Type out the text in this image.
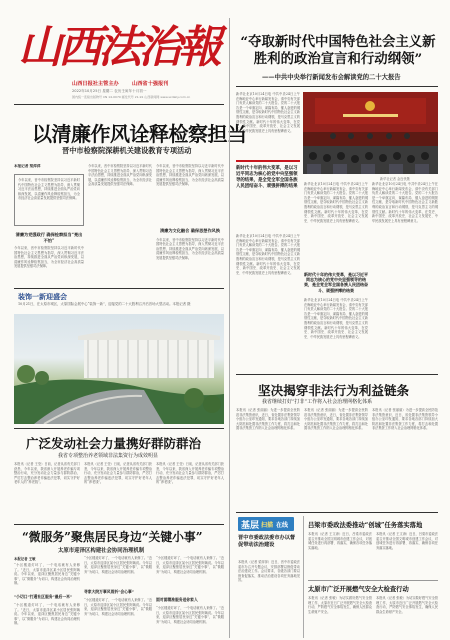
山西法治報
山西日报社主管主办	山西省十强报刊
2022年10月25日 星期二 农历壬寅年十月初一
国内统一连续出版物号 CN 14-0070 邮发代号 21-91 山西新闻网 www.sxdaily.com.cn
以清廉作风诠释检察担当
晋中市检察院深耕机关建设教育专项活动
本报记者 梁萍萍
今年以来，晋中市检察院坚持以习近平新时代中国特色社会主义思想为指导，深入贯彻习近平法治思想，持续推进全面从严治党向纵深发展，以清廉作风诠释检察担当，为全市经济社会高质量发展提供坚强司法保障。
清廉为党强政行 确保检察担当“亮出不怕”
今年以来，晋中市检察院坚持以习近平新时代中国特色社会主义思想为指导，深入贯彻习近平法治思想，持续推进全面从严治党向纵深发展，以清廉作风诠释检察担当，为全市经济社会高质量发展提供坚强司法保障。
今年以来，晋中市检察院坚持以习近平新时代中国特色社会主义思想为指导，深入贯彻习近平法治思想，持续推进全面从严治党向纵深发展，以清廉作风诠释检察担当，为全市经济社会高质量发展提供坚强司法保障。
今年以来，晋中市检察院坚持以习近平新时代中国特色社会主义思想为指导，深入贯彻习近平法治思想，持续推进全面从严治党向纵深发展，以清廉作风诠释检察担当，为全市经济社会高质量发展提供坚强司法保障。
清廉为文化融合 确保思想作风换
今年以来，晋中市检察院坚持以习近平新时代中国特色社会主义思想为指导，深入贯彻习近平法治思想，持续推进全面从严治党向纵深发展，以清廉作风诠释检察担当，为全市经济社会高质量发展提供坚强司法保障。
装饰一新迎盛会
10月21日，在太原市城区，太原国际会展中心“装饰一新”，迎接党的二十大胜利召开后首场大型活动。本报记者 摄
广泛发动社会力量携好群防群治
我省专项整治养老领域非法集资行为成效明显
本报讯（记者 王莹）日前，记者从省有关部门获悉，今年以来，我省深入开展养老诈骗专项整治行动，充分发动社会力量参与群防群治，严厉打击整治养老诈骗违法犯罪，切实守护好老年人的“养老钱”。
本报讯（记者 王莹）日前，记者从省有关部门获悉，今年以来，我省深入开展养老诈骗专项整治行动，充分发动社会力量参与群防群治，严厉打击整治养老诈骗违法犯罪，切实守护好老年人的“养老钱”。
本报讯（记者 王莹）日前，记者从省有关部门获悉，今年以来，我省深入开展养老诈骗专项整治行动，充分发动社会力量参与群防群治，严厉打击整治养老诈骗违法犯罪，切实守护好老年人的“养老钱”。
“微服务”聚焦居民身边“关键小事”
太原市迎泽区构建社会协同治理机制
本报记者 王敏
“小区楼道灯坏了，一个电话就有人来修了。”近日，太原市迎泽区某小区居民张阿姨说。今年以来，迎泽区聚焦居民身边“关键小事”，以“微服务”为切口，构建社会协同治理机制。
“小切口”打通社区服务“最后一米”
“小区楼道灯坏了，一个电话就有人来修了。”近日，太原市迎泽区某小区居民张阿姨说。今年以来，迎泽区聚焦居民身边“关键小事”，以“微服务”为切口，构建社会协同治理机制。
“小区楼道灯坏了，一个电话就有人来修了。”近日，太原市迎泽区某小区居民张阿姨说。今年以来，迎泽区聚焦居民身边“关键小事”，以“微服务”为切口，构建社会协同治理机制。
寻家大院万事风雨折“会心事”
“小区楼道灯坏了，一个电话就有人来修了。”近日，太原市迎泽区某小区居民张阿姨说。今年以来，迎泽区聚焦居民身边“关键小事”，以“微服务”为切口，构建社会协同治理机制。
“小区楼道灯坏了，一个电话就有人来修了。”近日，太原市迎泽区某小区居民张阿姨说。今年以来，迎泽区聚焦居民身边“关键小事”，以“微服务”为切口，构建社会协同治理机制。
面对面精准服务送你家人
“小区楼道灯坏了，一个电话就有人来修了。”近日，太原市迎泽区某小区居民张阿姨说。今年以来，迎泽区聚焦居民身边“关键小事”，以“微服务”为切口，构建社会协同治理机制。
“夺取新时代中国特色社会主义新胜利的政治宣言和行动纲领”
——中共中央举行新闻发布会解读党的二十大报告
新华社北京10月24日电 中共中央24日上午在梅地亚中心举行新闻发布会，请中央有关部门负责人解读党的二十大报告。党的二十大报告是一个举旗定向、谋篇布局、催人奋进的纲领性文献，是夺取新时代中国特色社会主义新胜利的政治宣言和行动纲领，是马克思主义的纲领性文献。新时代十年的伟大变革，在党史、新中国史、改革开放史、社会主义发展史、中华民族发展史上具有里程碑意义。
新华社记者 金良快摄
新时代十年的伟大变革，是以习近平同志为核心的党中央坚强领导的结果，是全党全军全国各族人民团结奋斗、顽强拼搏的结果
新华社北京10月24日电 中共中央24日上午在梅地亚中心举行新闻发布会，请中央有关部门负责人解读党的二十大报告。党的二十大报告是一个举旗定向、谋篇布局、催人奋进的纲领性文献，是夺取新时代中国特色社会主义新胜利的政治宣言和行动纲领，是马克思主义的纲领性文献。新时代十年的伟大变革，在党史、新中国史、改革开放史、社会主义发展史、中华民族发展史上具有里程碑意义。
新华社北京10月24日电 中共中央24日上午在梅地亚中心举行新闻发布会，请中央有关部门负责人解读党的二十大报告。党的二十大报告是一个举旗定向、谋篇布局、催人奋进的纲领性文献，是夺取新时代中国特色社会主义新胜利的政治宣言和行动纲领，是马克思主义的纲领性文献。新时代十年的伟大变革，在党史、新中国史、改革开放史、社会主义发展史、中华民族发展史上具有里程碑意义。
新华社北京10月24日电 中共中央24日上午在梅地亚中心举行新闻发布会，请中央有关部门负责人解读党的二十大报告。党的二十大报告是一个举旗定向、谋篇布局、催人奋进的纲领性文献，是夺取新时代中国特色社会主义新胜利的政治宣言和行动纲领，是马克思主义的纲领性文献。新时代十年的伟大变革，在党史、新中国史、改革开放史、社会主义发展史、中华民族发展史上具有里程碑意义。
新时代十年的伟大变革，是以习近平同志为核心的党中央坚强领导的结果，是全党全军全国各族人民团结奋斗、顽强拼搏的结果
新华社北京10月24日电 中共中央24日上午在梅地亚中心举行新闻发布会，请中央有关部门负责人解读党的二十大报告。党的二十大报告是一个举旗定向、谋篇布局、催人奋进的纲领性文献，是夺取新时代中国特色社会主义新胜利的政治宣言和行动纲领，是马克思主义的纲领性文献。新时代十年的伟大变革，在党史、新中国史、改革开放史、社会主义发展史、中华民族发展史上具有里程碑意义。
坚决揭穿非法行为利益链条
我省继续打好“打非”工作将入社会治理网格化体系
本报讯（记者 张丽丽）为进一步提高全民防范非法集资意识，近日，省处置非法集资领导小组办公室印发通知，要求各地各部门持续加大防范和处置非法集资工作力度，将打击和处置非法集资工作纳入社会治理网格化体系。
本报讯（记者 张丽丽）为进一步提高全民防范非法集资意识，近日，省处置非法集资领导小组办公室印发通知，要求各地各部门持续加大防范和处置非法集资工作力度，将打击和处置非法集资工作纳入社会治理网格化体系。
本报讯（记者 张丽丽）为进一步提高全民防范非法集资意识，近日，省处置非法集资领导小组办公室印发通知，要求各地各部门持续加大防范和处置非法集资工作力度，将打击和处置非法集资工作纳入社会治理网格化体系。
基层 扫描 在线
晋中市委政法委市办以督促带动法治建设
本报讯（记者 梁萍萍）近日，晋中市委政法委市办召开专题会议，安排部署以督促带动法治建设工作。会议要求，各级各部门要以督查促落实，推动法治建设各项任务落地见效。
吕梁市委政法委推动“创城”任务落实落地
本报讯（记者 王文涛）近日，吕梁市委政法委召开推动全国文明城市创建工作会议，对创城任务进行再部署、再落实，确保各项任务落实落地。
本报讯（记者 王文涛）近日，吕梁市委政法委召开推动全国文明城市创建工作会议，对创城任务进行再部署、再落实，确保各项任务落实落地。
太原市广泛开展燃气安全大检查行动
本报讯（记者 张敏）为切实做好燃气安全管理工作，太原市近日广泛开展燃气安全大检查行动，严防燃气安全事故发生，确保人民群众生命财产安全。
本报讯（记者 张敏）为切实做好燃气安全管理工作，太原市近日广泛开展燃气安全大检查行动，严防燃气安全事故发生，确保人民群众生命财产安全。
